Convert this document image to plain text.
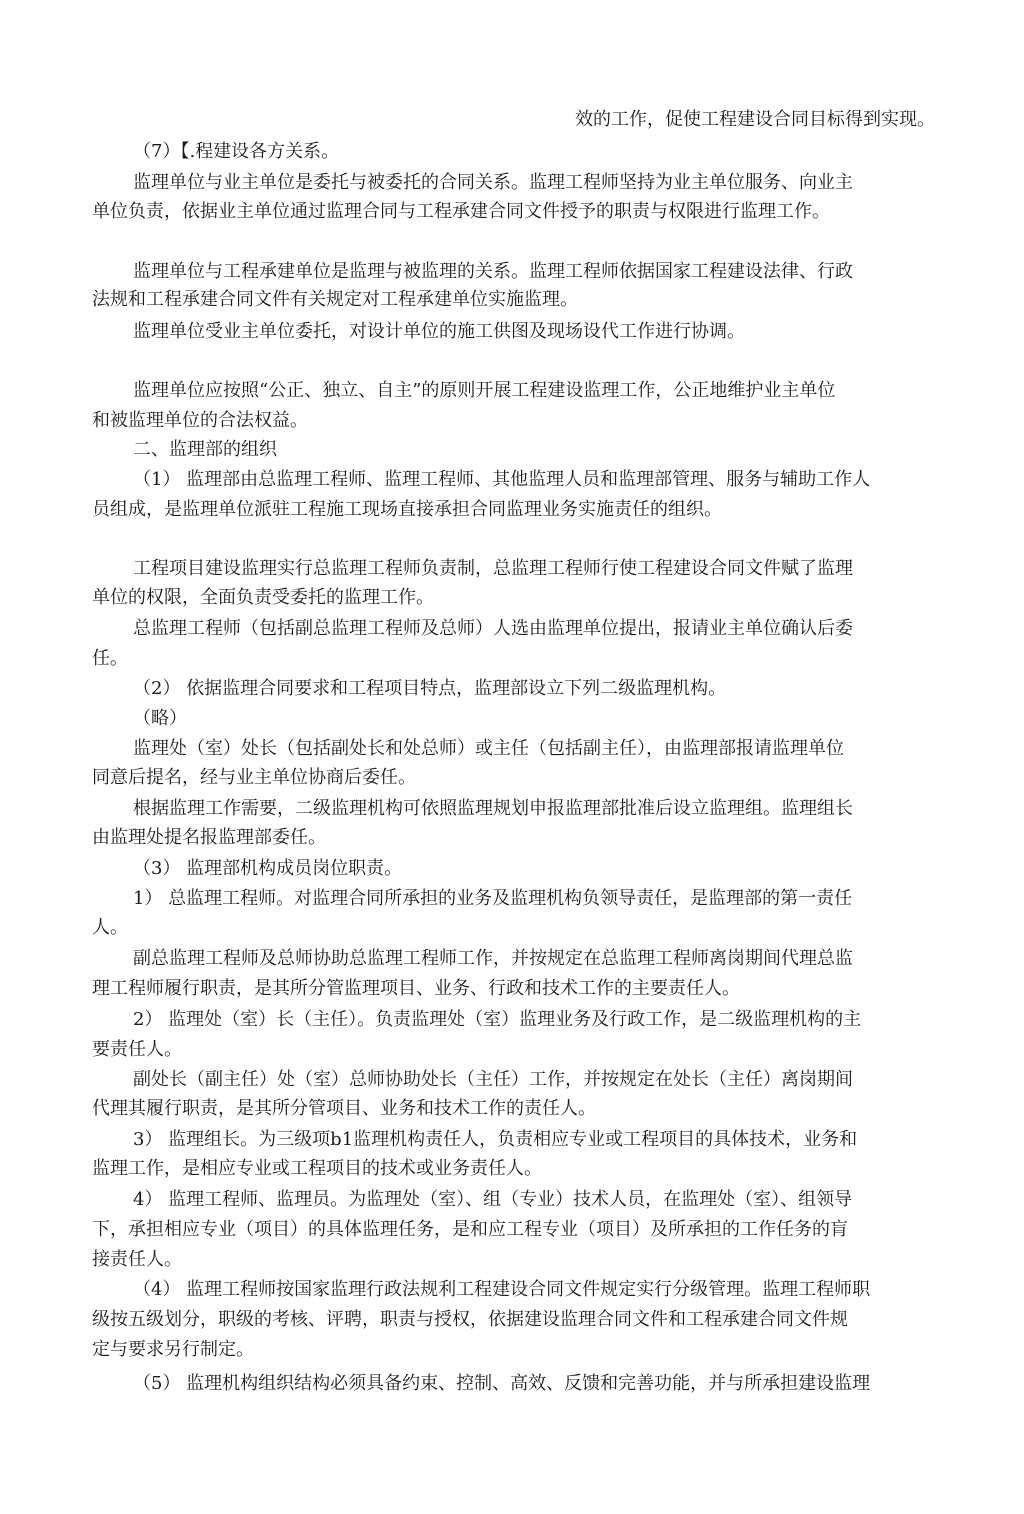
效的工作，促使工程建设合同目标得到实现。
（7）【.程建设各方关系。
监理单位与业主单位是委托与被委托的合同关系。监理工程师坚持为业主单位服务、向业主
单位负责，依据业主单位通过监理合同与工程承建合同文件授予的职责与权限进行监理工作。
监理单位与工程承建单位是监理与被监理的关系。监理工程师依据国家工程建设法律、行政
法规和工程承建合同文件有关规定对工程承建单位实施监理。
监理单位受业主单位委托，对设计单位的施工供图及现场设代工作进行协调。
监理单位应按照“公正、独立、自主”的原则开展工程建设监理工作，公正地维护业主单位
和被监理单位的合法权益。
二、监理部的组织
（1） 监理部由总监理工程师、监理工程师、其他监理人员和监理部管理、服务与辅助工作人
员组成，是监理单位派驻工程施工现场直接承担合同监理业务实施责任的组织。
工程项目建设监理实行总监理工程师负责制，总监理工程师行使工程建设合同文件赋了监理
单位的权限，全面负责受委托的监理工作。
总监理工程师（包括副总监理工程师及总师）人选由监理单位提出，报请业主单位确认后委
任。
（2） 依据监理合同要求和工程项目特点，监理部设立下列二级监理机构。
（略）
监理处（室）处长（包括副处长和处总师）或主任（包括副主任），由监理部报请监理单位
同意后提名，经与业主单位协商后委任。
根据监理工作需要，二级监理机构可依照监理规划申报监理部批准后设立监理组。监理组长
由监理处提名报监理部委任。
（3） 监理部机构成员岗位职责。
1） 总监理工程师。对监理合同所承担的业务及监理机构负领导责任，是监理部的第一责任
人。
副总监理工程师及总师协助总监理工程师工作，并按规定在总监理工程师离岗期间代理总监
理工程师履行职责，是其所分管监理项目、业务、行政和技术工作的主要责任人。
2） 监理处（室）长（主任）。负责监理处（室）监理业务及行政工作，是二级监理机构的主
要责任人。
副处长（副主任）处（室）总师协助处长（主任）工作，并按规定在处长（主任）离岗期间
代理其履行职责，是其所分管项目、业务和技术工作的责任人。
3） 监理组长。为三级项b1监理机构责任人，负责相应专业或工程项目的具体技术，业务和
监理工作，是相应专业或工程项目的技术或业务责任人。
4） 监理工程师、监理员。为监理处（室）、组（专业）技术人员，在监理处（室）、组领导
下，承担相应专业（项目）的具体监理任务，是和应工程专业（项目）及所承担的工作任务的肓
接责任人。
（4） 监理工程师按国家监理行政法规利工程建设合同文件规定实行分级管理。监理工程师职
级按五级划分，职级的考核、评聘，职责与授权，依据建设监理合同文件和工程承建合同文件规
定与要求另行制定。
（5） 监理机构组织结构必须具备约束、控制、高效、反馈和完善功能，并与所承担建设监理
